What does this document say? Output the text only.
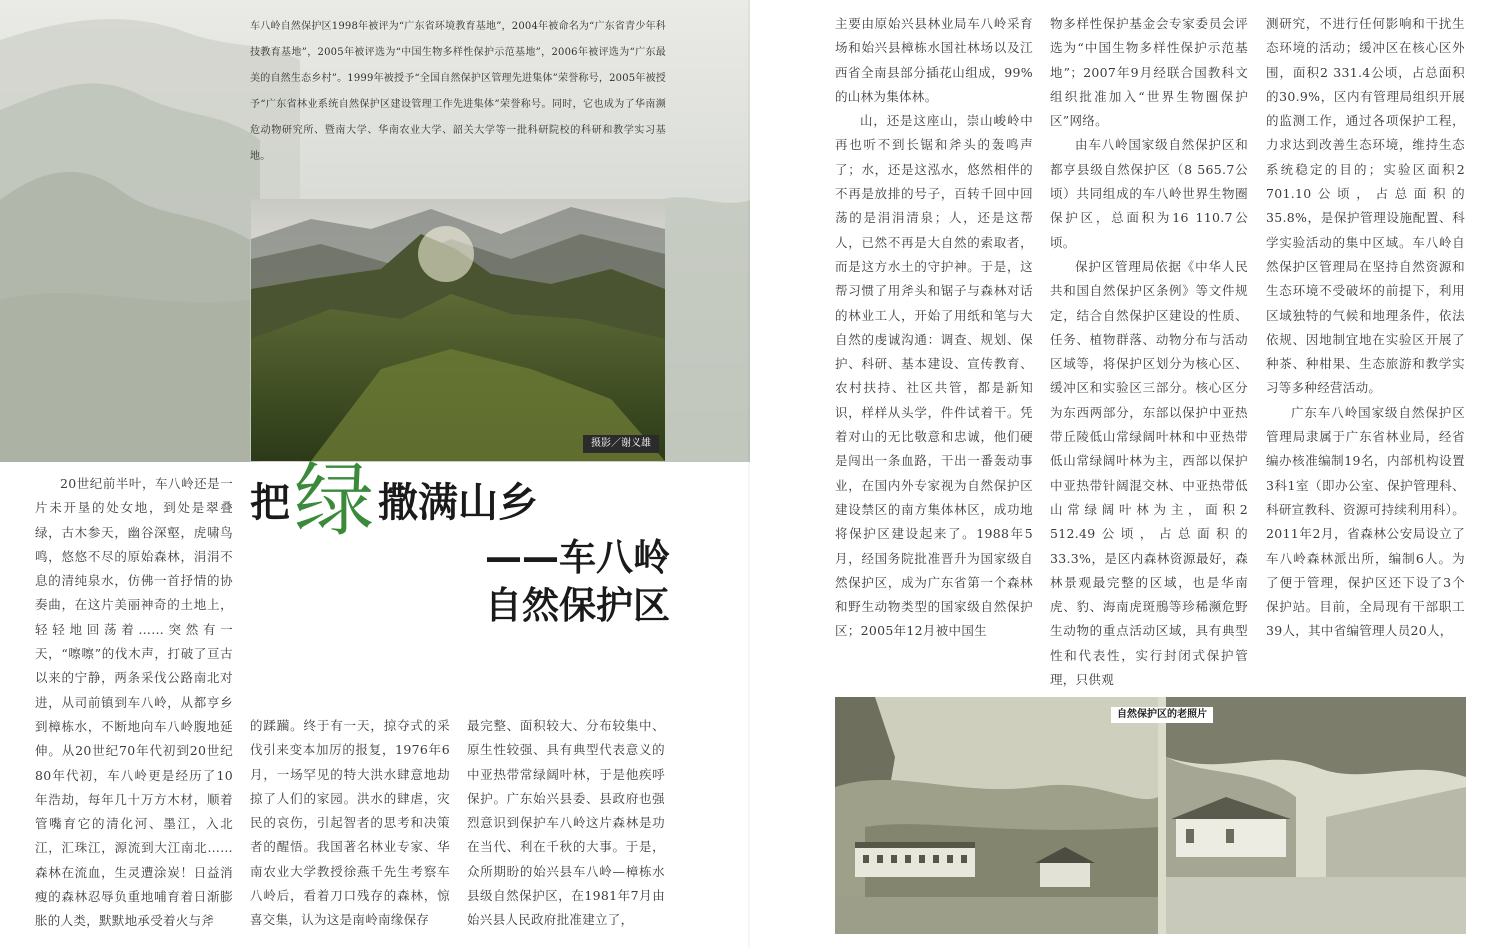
车八岭自然保护区1998年被评为“广东省环境教育基地”，2004年被命名为“广东省青少年科技教育基地”，2005年被评选为“中国生物多样性保护示范基地”，2006年被评选为“广东最美的自然生态乡村”。1999年被授予“全国自然保护区管理先进集体”荣誉称号，2005年被授予“广东省林业系统自然保护区建设管理工作先进集体”荣誉称号。同时，它也成为了华南濒危动物研究所、暨南大学、华南农业大学、韶关大学等一批科研院校的科研和教学实习基地。
摄影／谢义雄
把绿 撒满山乡
——车八岭
自然保护区
20世纪前半叶，车八岭还是一片未开垦的处女地，到处是翠叠绿，古木参天，幽谷深壑，虎啸鸟鸣，悠悠不尽的原始森林，涓涓不息的清纯泉水，仿佛一首抒情的协奏曲，在这片美丽神奇的土地上，轻轻地回荡着……突然有一天，“嚓嚓”的伐木声，打破了亘古以来的宁静，两条采伐公路南北对进，从司前镇到车八岭，从都亨乡到樟栋水，不断地向车八岭腹地延伸。从20世纪70年代初到20世纪80年代初，车八岭更是经历了10年浩劫，每年几十万方木材，顺着管嘴育它的清化河、墨江，入北江，汇珠江，源流到大江南北……森林在流血，生灵遭涂炭！日益消瘦的森林忍辱负重地哺育着日渐膨胀的人类，默默地承受着火与斧
的蹂躏。终于有一天，掠夺式的采伐引来变本加厉的报复，1976年6月，一场罕见的特大洪水肆意地劫掠了人们的家园。洪水的肆虐，灾民的哀伤，引起智者的思考和决策者的醒悟。我国著名林业专家、华南农业大学教授徐燕千先生考察车八岭后，看着刀口残存的森林，惊喜交集，认为这是南岭南缘保存
最完整、面积较大、分布较集中、原生性较强、具有典型代表意义的中亚热带常绿阔叶林，于是他疾呼保护。广东始兴县委、县政府也强烈意识到保护车八岭这片森林是功在当代、利在千秋的大事。于是，众所期盼的始兴县车八岭—樟栋水县级自然保护区，在1981年7月由始兴县人民政府批准建立了，
主要由原始兴县林业局车八岭采育场和始兴县樟栋水国社林场以及江西省全南县部分插花山组成，99%的山林为集体林。
山，还是这座山，崇山峻岭中再也听不到长锯和斧头的轰鸣声了；水，还是这泓水，悠然相伴的不再是放排的号子，百转千回中回荡的是涓涓清泉；人，还是这帮人，已然不再是大自然的索取者，而是这方水土的守护神。于是，这帮习惯了用斧头和锯子与森林对话的林业工人，开始了用纸和笔与大自然的虔诚沟通：调查、规划、保护、科研、基本建设、宣传教育、农村扶持、社区共管，都是新知识，样样从头学，件件试着干。凭着对山的无比敬意和忠诚，他们硬是闯出一条血路，干出一番轰动事业，在国内外专家视为自然保护区建设禁区的南方集体林区，成功地将保护区建设起来了。1988年5月，经国务院批准晋升为国家级自然保护区，成为广东省第一个森林和野生动物类型的国家级自然保护区；2005年12月被中国生
物多样性保护基金会专家委员会评选为“中国生物多样性保护示范基地”；2007年9月经联合国教科文组织批准加入“世界生物圈保护区”网络。
由车八岭国家级自然保护区和都亨县级自然保护区（8 565.7公顷）共同组成的车八岭世界生物圈保护区，总面积为16 110.7公顷。
保护区管理局依据《中华人民共和国自然保护区条例》等文件规定，结合自然保护区建设的性质、任务、植物群落、动物分布与活动区域等，将保护区划分为核心区、缓冲区和实验区三部分。核心区分为东西两部分，东部以保护中亚热带丘陵低山常绿阔叶林和中亚热带低山常绿阔叶林为主，西部以保护中亚热带针阔混交林、中亚热带低山常绿阔叶林为主，面积2 512.49公顷，占总面积的33.3%，是区内森林资源最好，森林景观最完整的区域，也是华南虎、豹、海南虎斑鳽等珍稀濒危野生动物的重点活动区域，具有典型性和代表性，实行封闭式保护管理，只供观
测研究，不进行任何影响和干扰生态环境的活动；缓冲区在核心区外围，面积2 331.4公顷，占总面积的30.9%，区内有管理局组织开展的监测工作，通过各项保护工程，力求达到改善生态环境，维持生态系统稳定的目的；实验区面积2 701.10公顷，占总面积的35.8%，是保护管理设施配置、科学实验活动的集中区域。车八岭自然保护区管理局在坚持自然资源和生态环境不受破坏的前提下，利用区域独特的气候和地理条件，依法依规、因地制宜地在实验区开展了种茶、种柑果、生态旅游和教学实习等多种经营活动。
广东车八岭国家级自然保护区管理局隶属于广东省林业局，经省编办核准编制19名，内部机构设置3科1室（即办公室、保护管理科、科研宣教科、资源可持续利用科）。2011年2月，省森林公安局设立了车八岭森林派出所，编制6人。为了便于管理，保护区还下设了3个保护站。目前，全局现有干部职工39人，其中省编管理人员20人，
自然保护区的老照片
